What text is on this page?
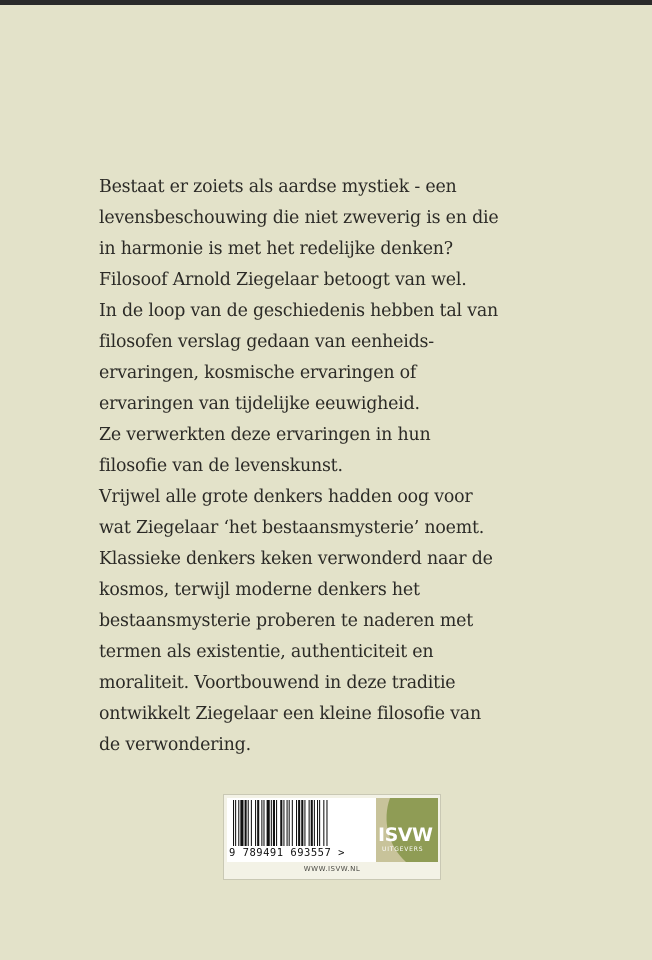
Bestaat er zoiets als aardse mystiek - een
levensbeschouwing die niet zweverig is en die
in harmonie is met het redelijke denken?
Filosoof Arnold Ziegelaar betoogt van wel.
In de loop van de geschiedenis hebben tal van
filosofen verslag gedaan van eenheids-
ervaringen, kosmische ervaringen of
ervaringen van tijdelijke eeuwigheid.
Ze verwerkten deze ervaringen in hun
filosofie van de levenskunst.
Vrijwel alle grote denkers hadden oog voor
wat Ziegelaar ‘het bestaansmysterie’ noemt.
Klassieke denkers keken verwonderd naar de
kosmos, terwijl moderne denkers het
bestaansmysterie proberen te naderen met
termen als existentie, authenticiteit en
moraliteit. Voortbouwend in deze traditie
ontwikkelt Ziegelaar een kleine filosofie van
de verwondering.
9 789491 693557 >
ISVW
UITGEVERS
WWW.ISVW.NL
